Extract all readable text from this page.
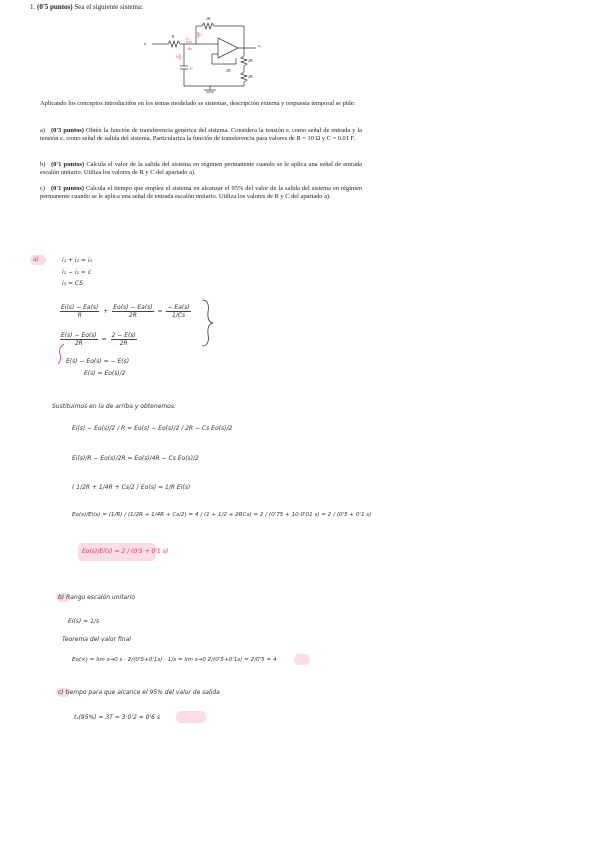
1. (0'5 puntos) Sea el siguiente sistema:
2R
R
eᵢ	eₒ
C
2R
2R
2R
i₁
i₂
i₃
eₐ
Aplicando los conceptos introducidos en los temas modelado se sistemas, descripción externa y respuesta temporal se pide:
a) (0'3 puntos) Obtén la función de transferencia genérica del sistema. Considera la tensión eᵢ como señal de entrada y la tensión eₒ como señal de salida del sistema. Particulariza la función de transferencia para valores de R = 10 Ω y C = 0.01 F.
b) (0'1 puntos) Calcula el valor de la salida del sistema en régimen permanente cuando se le aplica una señal de entrada escalón unitario. Utiliza los valores de R y C del apartado a).
c) (0'1 puntos) Calcula el tiempo que emplea el sistema en alcanzar el 95% del valor de la salida del sistema en régimen permanente cuando se le aplica una señal de entrada escalón unitario. Utiliza los valores de R y C del apartado a).
a)	i₁ + i₂ = i₃
i₁ − i₂ = c
i₃ = CS
$\frac{Ei(s) - Ea(s)}{R} + \frac{Eo(s) - Ea(s)}{2R} = \frac{- Ea(s)}{1/Cs}$
$\frac{E(s) - Eo(s)}{2R} = \frac{2 - E(s)}{2R}$
E(s) − Eo(s) = − E(s)
E(s) = Eo(s)/2
Sustituimos en la de arriba y obtenemos:
Ei(s) − Eo(s)/2 / R = Eo(s) − Eo(s)/2 / 2R − Cs Eo(s)/2
Ei(s)/R − Eo(s)/2R = Eo(s)/4R − Cs Eo(s)/2
( 1/2R + 1/4R + Cs/2 ) Eo(s) = 1/R Ei(s)
Eo(s)/Ei(s) = (1/R) / (1/2R + 1/4R + Cs/2) = 4 / (1 + 1/2 + 2RCs) = 2 / (0'75 + 10·0'01 s) = 2 / (0'5 + 0'1 s)
Eo(s)/Ei(s) = 2 / (0'5 + 0'1 s)
b) Rango escalón unitario
Ei(s) = 1/s
Teorema del valor final
Eo(∞) = lim s→0 s · 2/(0'5+0'1s) · 1/s = lim s→0 2/(0'5+0'1s) = 2/0'5 = 4
c) tiempo para que alcance el 95% del valor de salida
tₛ(95%) = 3T = 3·0'2 = 0'6 s
